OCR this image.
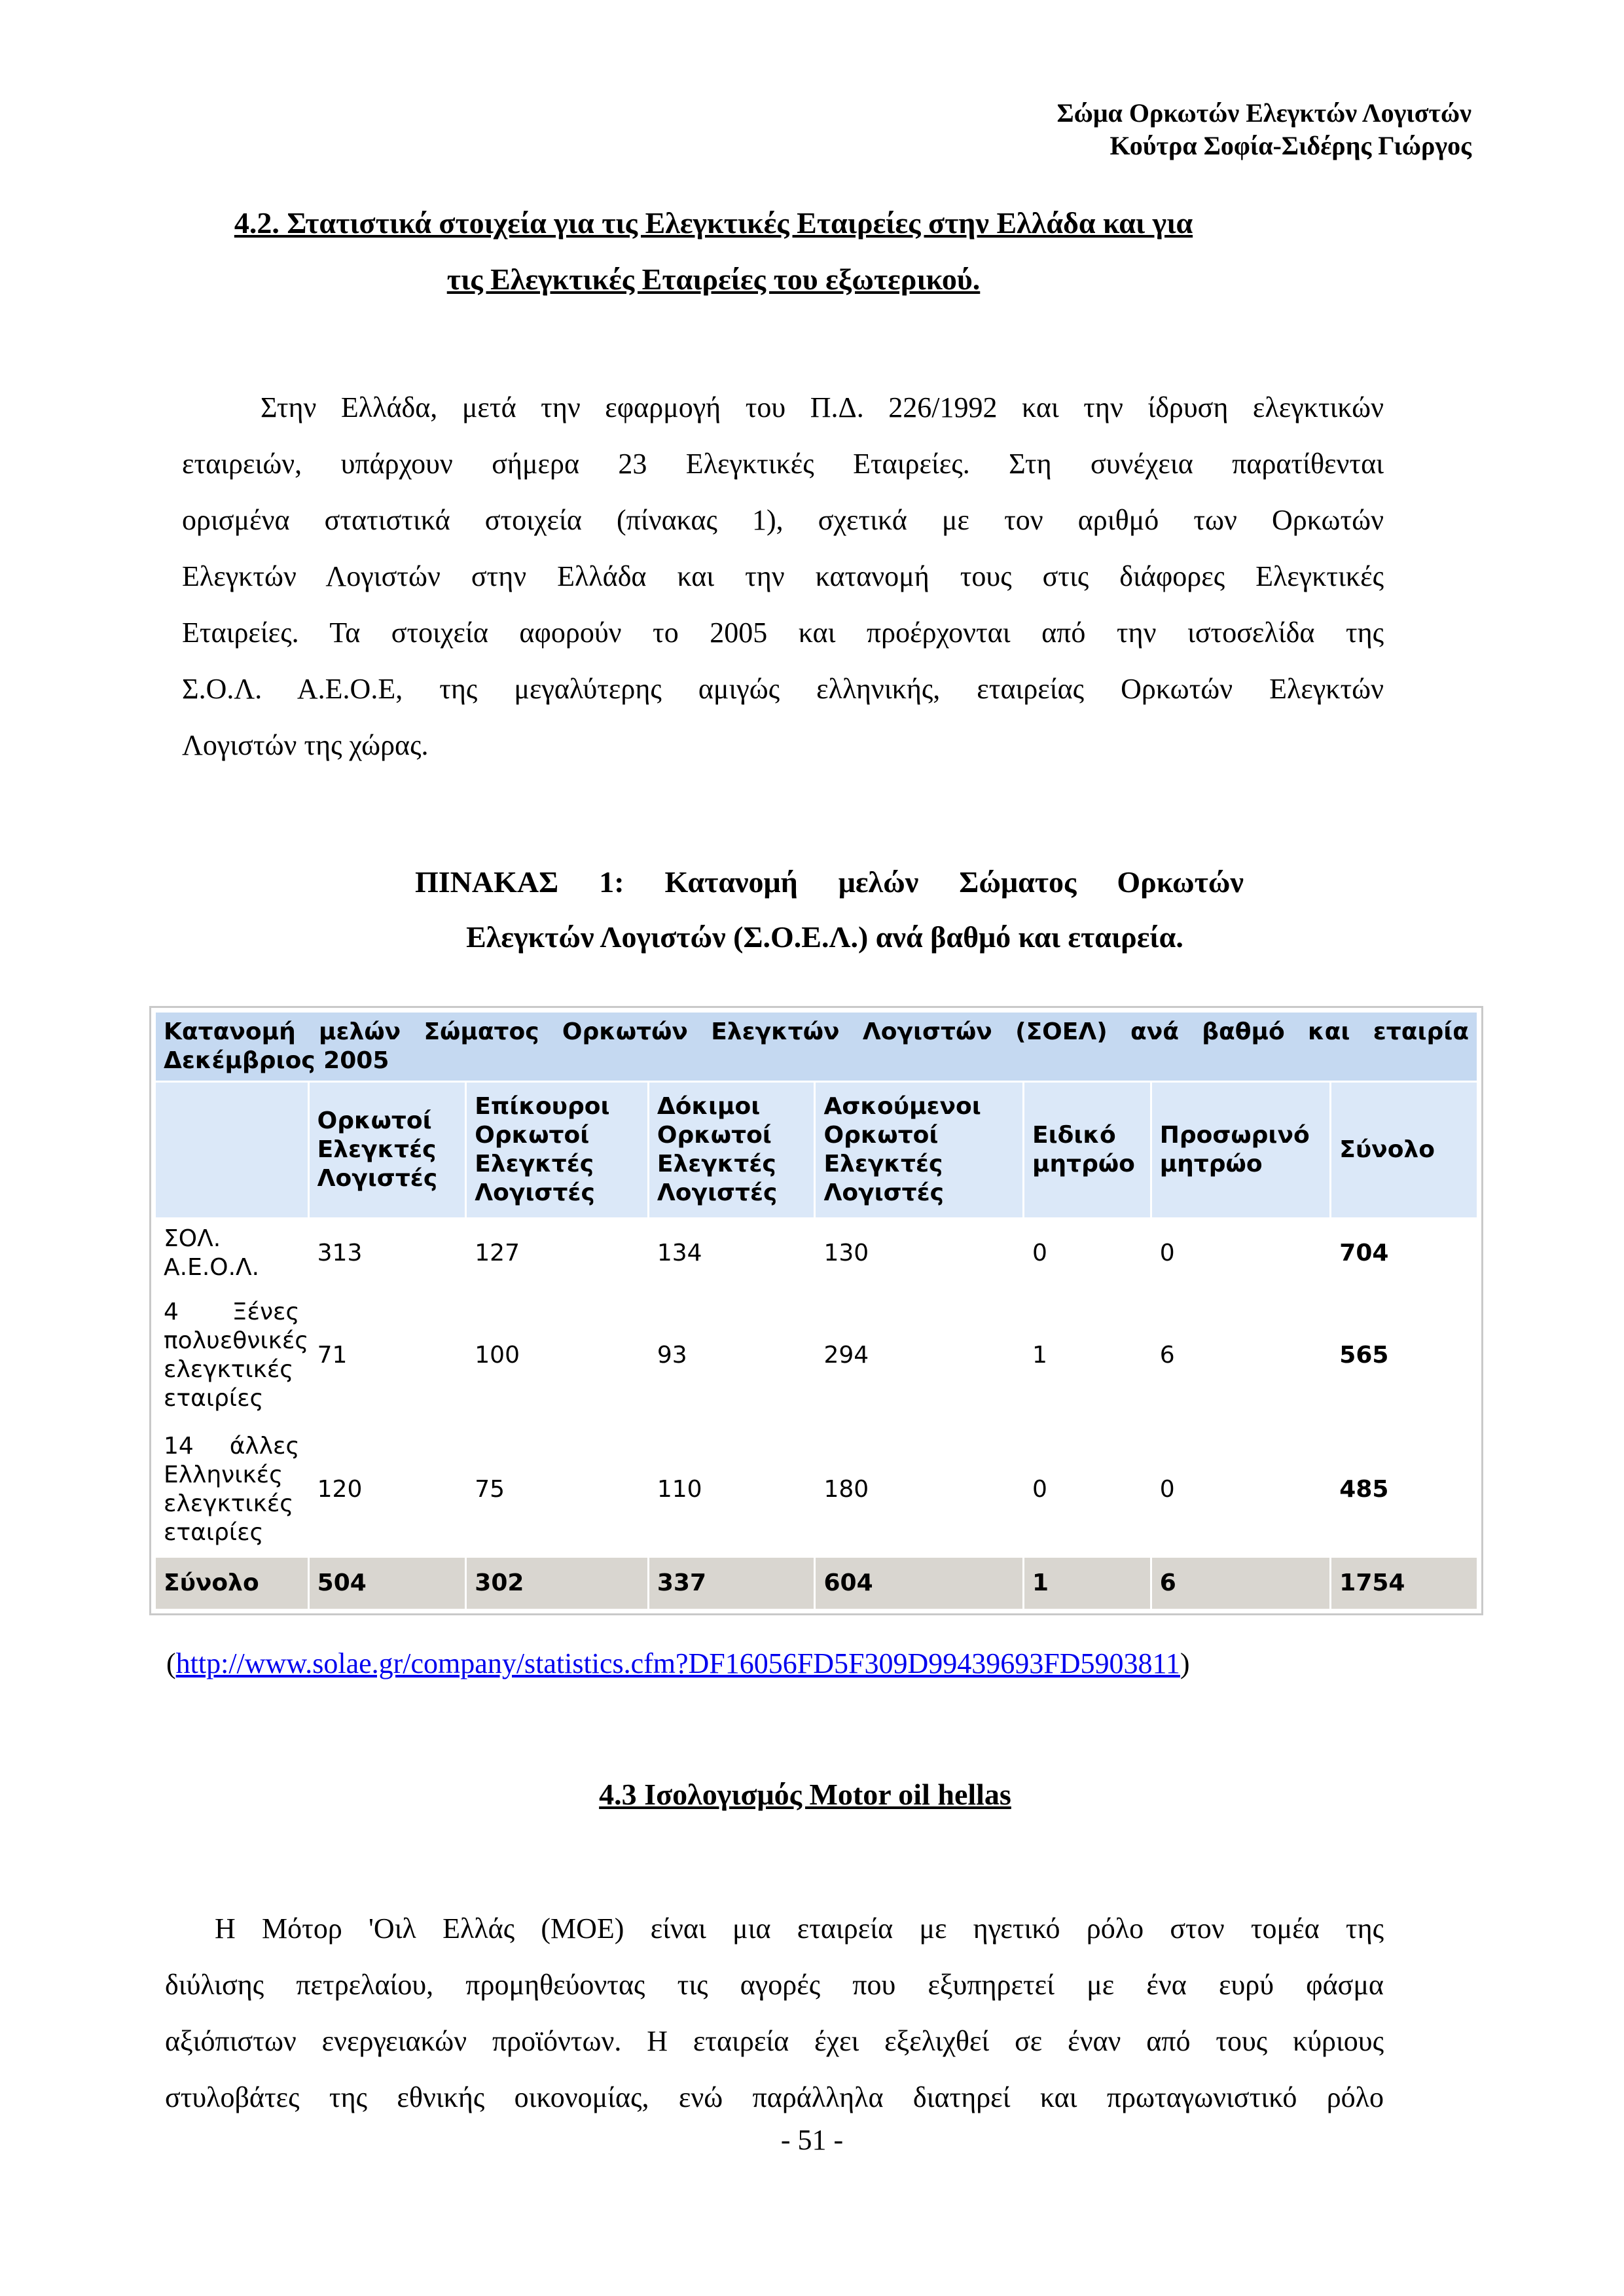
Σώμα Ορκωτών Ελεγκτών Λογιστών
Κούτρα Σοφία-Σιδέρης Γιώργος
4.2. Στατιστικά στοιχεία για τις Ελεγκτικές Εταιρείες στην Ελλάδα και για
τις Ελεγκτικές Εταιρείες του εξωτερικού.
Στην Ελλάδα, μετά την εφαρμογή του Π.Δ. 226/1992 και την ίδρυση ελεγκτικών
εταιρειών, υπάρχουν σήμερα 23 Ελεγκτικές Εταιρείες. Στη συνέχεια παρατίθενται
ορισμένα στατιστικά στοιχεία (πίνακας 1), σχετικά με τον αριθμό των Ορκωτών
Ελεγκτών Λογιστών στην Ελλάδα και την κατανομή τους στις διάφορες Ελεγκτικές
Εταιρείες. Τα στοιχεία αφορούν το 2005 και προέρχονται από την ιστοσελίδα της
Σ.Ο.Λ. Α.Ε.Ο.Ε, της μεγαλύτερης αμιγώς ελληνικής, εταιρείας Ορκωτών Ελεγκτών
Λογιστών της χώρας.
ΠΙΝΑΚΑΣ 1: Κατανομή μελών Σώματος Ορκωτών
Ελεγκτών Λογιστών (Σ.Ο.Ε.Λ.) ανά βαθμό και εταιρεία.
Κατανομή μελών Σώματος Ορκωτών Ελεγκτών Λογιστών (ΣΟΕΛ) ανά βαθμό και εταιρία
Δεκέμβριος 2005							

	Ορκωτοί Ελεγκτές Λογιστές	Επίκουροι Ορκωτοί Ελεγκτές Λογιστές	Δόκιμοι Ορκωτοί Ελεγκτές Λογιστές	Ασκούμενοι Ορκωτοί Ελεγκτές Λογιστές	Ειδικό μητρώο	Προσωρινό μητρώο	Σύνολο
ΣΟΛ. Α.Ε.Ο.Λ.	313	127	134	130	0	0	704
4 Ξένες πολυεθνικές ελεγκτικές εταιρίες	71	100	93	294	1	6	565
14 άλλες Ελληνικές ελεγκτικές εταιρίες	120	75	110	180	0	0	485
Σύνολο	504	302	337	604	1	6	1754
(http://www.solae.gr/company/statistics.cfm?DF16056FD5F309D99439693FD5903811)
4.3 Ισολογισμός Motor oil hellas
Η Μότορ 'Οιλ Ελλάς (ΜΟΕ) είναι μια εταιρεία με ηγετικό ρόλο στον τομέα της
διύλισης πετρελαίου, προμηθεύοντας τις αγορές που εξυπηρετεί με ένα ευρύ φάσμα
αξιόπιστων ενεργειακών προϊόντων. Η εταιρεία έχει εξελιχθεί σε έναν από τους κύριους
στυλοβάτες της εθνικής οικονομίας, ενώ παράλληλα διατηρεί και πρωταγωνιστικό ρόλο
- 51 -
